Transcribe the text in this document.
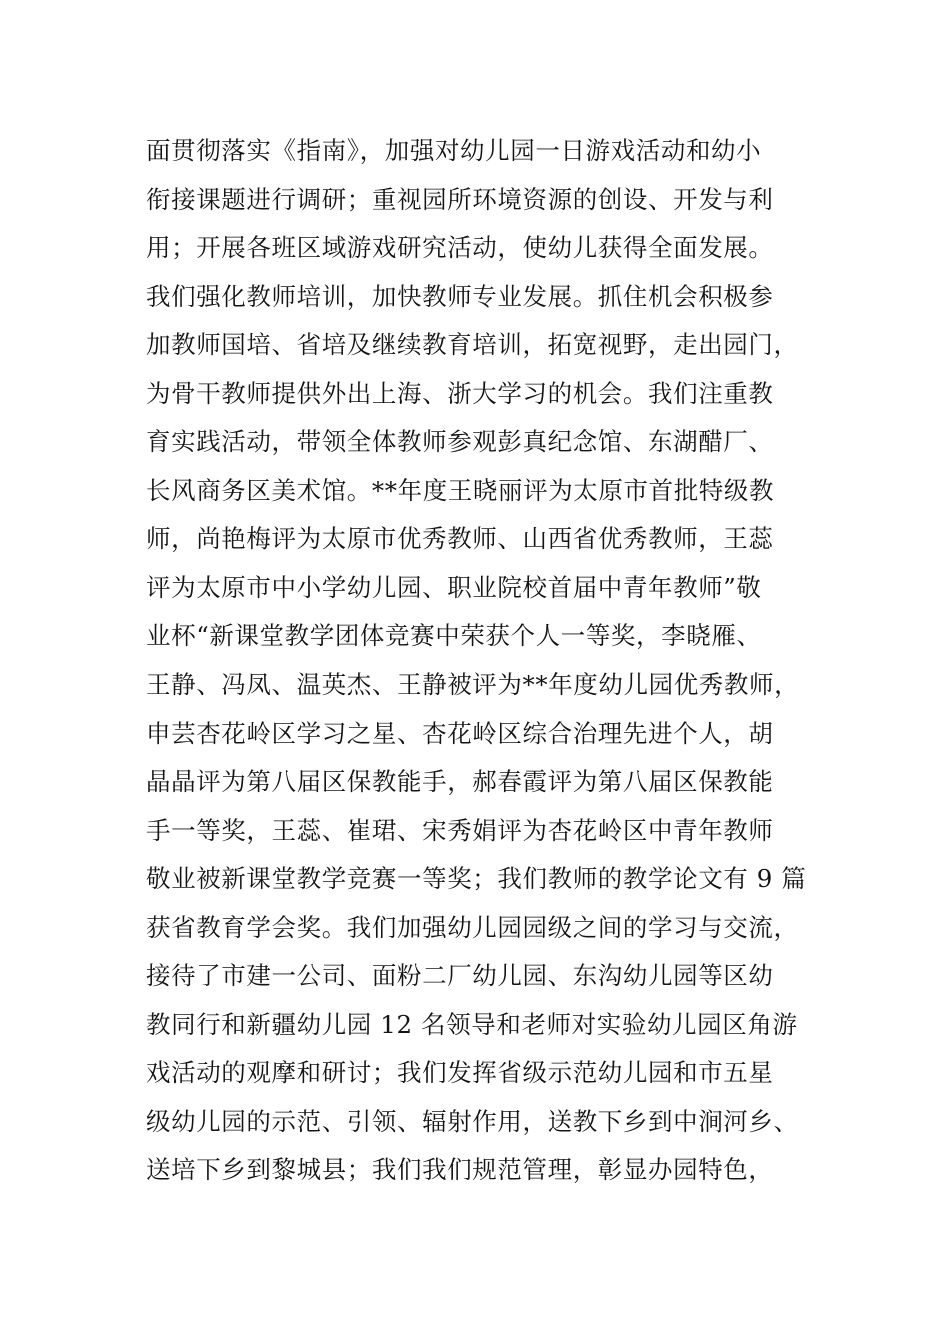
面贯彻落实《指南》，加强对幼儿园一日游戏活动和幼小
衔接课题进行调研；重视园所环境资源的创设、开发与利
用；开展各班区域游戏研究活动，使幼儿获得全面发展。
我们强化教师培训，加快教师专业发展。抓住机会积极参
加教师国培、省培及继续教育培训，拓宽视野，走出园门，
为骨干教师提供外出上海、浙大学习的机会。我们注重教
育实践活动，带领全体教师参观彭真纪念馆、东湖醋厂、
长风商务区美术馆。**年度王晓丽评为太原市首批特级教
师，尚艳梅评为太原市优秀教师、山西省优秀教师，王蕊
评为太原市中小学幼儿园、职业院校首届中青年教师”敬
业杯“新课堂教学团体竞赛中荣获个人一等奖，李晓雁、
王静、冯凤、温英杰、王静被评为**年度幼儿园优秀教师，
申芸杏花岭区学习之星、杏花岭区综合治理先进个人，胡
晶晶评为第八届区保教能手，郝春霞评为第八届区保教能
手一等奖，王蕊、崔珺、宋秀娟评为杏花岭区中青年教师
敬业被新课堂教学竞赛一等奖；我们教师的教学论文有 9 篇
获省教育学会奖。我们加强幼儿园园级之间的学习与交流，
接待了市建一公司、面粉二厂幼儿园、东沟幼儿园等区幼
教同行和新疆幼儿园 12 名领导和老师对实验幼儿园区角游
戏活动的观摩和研讨；我们发挥省级示范幼儿园和市五星
级幼儿园的示范、引领、辐射作用，送教下乡到中涧河乡、
送培下乡到黎城县；我们我们规范管理，彰显办园特色，
